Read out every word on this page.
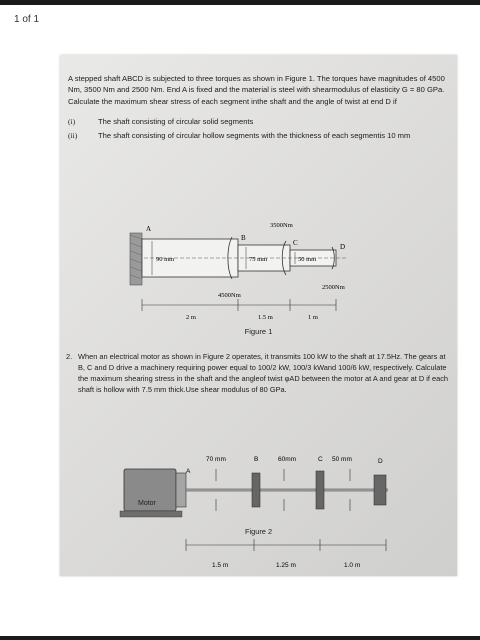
1 of 1

A stepped shaft ABCD is subjected to three torques as shown in Figure 1. The torques have magnitudes of 4500 Nm, 3500 Nm and 2500 Nm. End A is fixed and the material is steel with shearmodulus of elasticity G = 80 GPa. Calculate the maximum shear stress of each segment inthe shaft and the angle of twist at end D if

(i)	The shaft consisting of circular solid segments
(ii)	The shaft consisting of circular hollow segments with the thickness of each segmentis 10 mm
A
B
C	D
90 mm	75 mm	50 mm
4500Nm
3500Nm
2500Nm
2 m	1.5 m	1 m
Figure 1
2. When an electrical motor as shown in Figure 2 operates, it transmits 100 kW to the shaft at 17.5Hz. The gears at B, C and D drive a machinery requiring power equal to 100/2 kW, 100/3 kWand 100/6 kW, respectively. Calculate the maximum shearing stress in the shaft and the angleof twist φAD between the motor at A and gear at D if each shaft is hollow with 7.5 mm thick.Use shear modulus of 80 GPa.

Motor
A
70 mm	B	60mm	C 50 mm	D
1.5 m	1.25 m	1.0 m
Figure 2
